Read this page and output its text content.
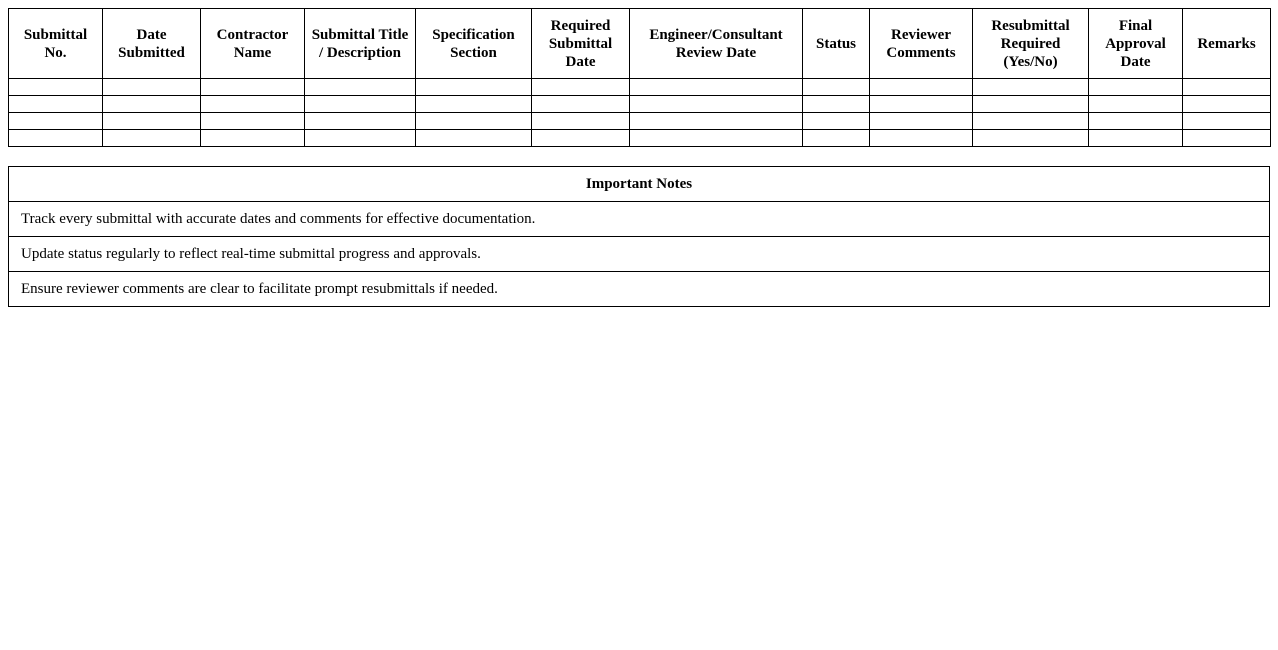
Submittal No.	Date Submitted	Contractor Name	Submittal Title / Description	Specification Section	Required Submittal Date	Engineer/Consultant Review Date	Status	Reviewer Comments	Resubmittal Required (Yes/No)	Final Approval Date	Remarks

Important Notes
Track every submittal with accurate dates and comments for effective documentation.
Update status regularly to reflect real-time submittal progress and approvals.
Ensure reviewer comments are clear to facilitate prompt resubmittals if needed.
